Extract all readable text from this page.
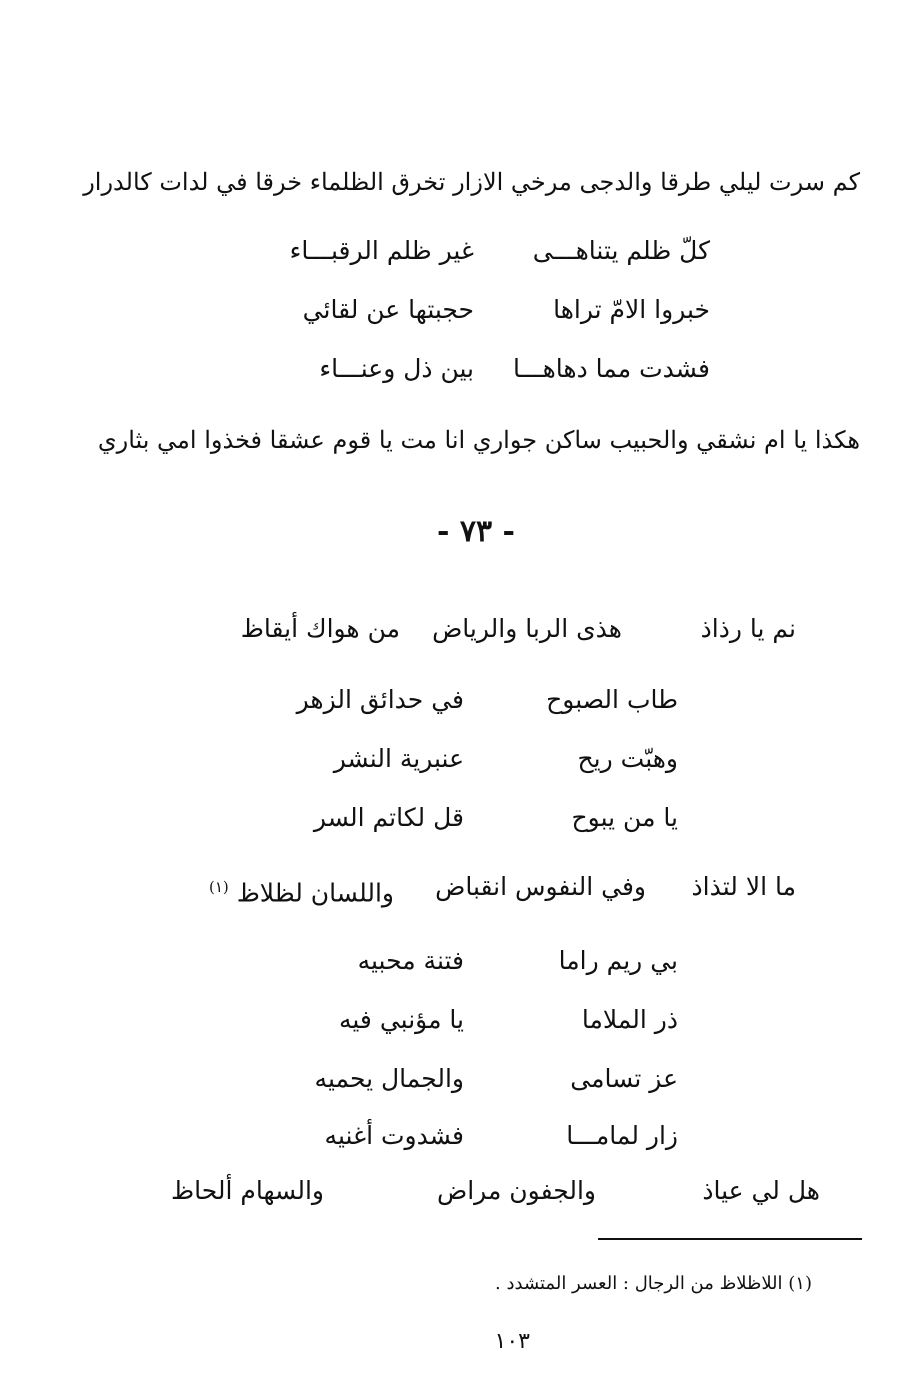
كم سرت ليلي طرقا والدجى مرخي الازار تخرق الظلماء خرقا في لدات كالدرار
كلّ ظلم يتناهـــى
غير ظلم الرقبـــاء
خبروا الامّ تراها
حجبتها عن لقائي
فشدت مما دهاهـــا
بين ذل وعنـــاء
هكذا يا ام نشقي والحبيب ساكن جواري انا مت يا قوم عشقا فخذوا امي بثاري
- ٧٣ -
نم يا رذاذ
هذى الربا والرياض
من هواك أيقاظ
طاب الصبوح
في حدائق الزهر
وهبّت ريح
عنبرية النشر
يا من يبوح
قل لكاتم السر
ما الا لتذاذ
وفي النفوس انقباض
واللسان لظلاظ $^{(١)}$
بي ريم راما
فتنة محبيه
ذر الملاما
يا مؤنبي فيه
عز تسامى
والجمال يحميه
زار لمامـــا
فشدوت أغنيه
هل لي عياذ
والجفون مراض
والسهام ألحاظ
(١) اللاظلاظ من الرجال : العسر المتشدد .
١٠٣
